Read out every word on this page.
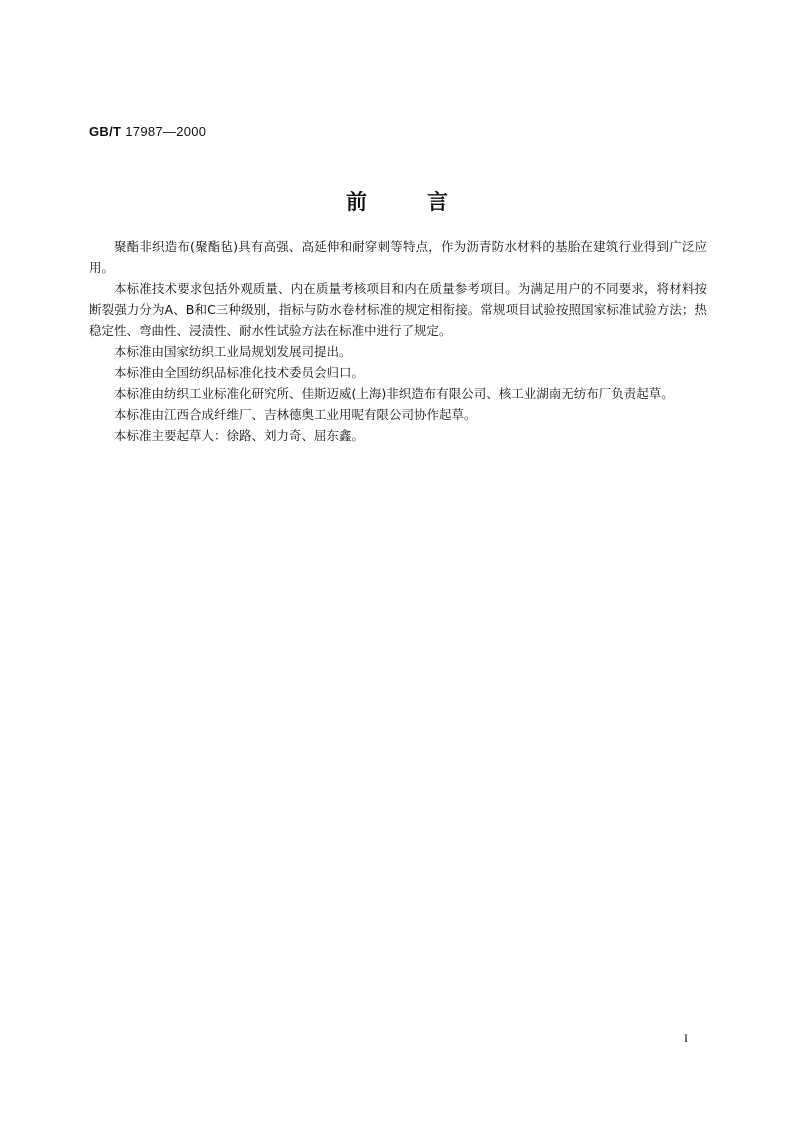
GB/T 17987—2000
前言

聚酯非织造布(聚酯毡)具有高强、高延伸和耐穿刺等特点，作为沥青防水材料的基胎在建筑行业得到广泛应用。

本标准技术要求包括外观质量、内在质量考核项目和内在质量参考项目。为满足用户的不同要求，将材料按断裂强力分为A、B和C三种级别，指标与防水卷材标准的规定相衔接。常规项目试验按照国家标准试验方法；热稳定性、弯曲性、浸渍性、耐水性试验方法在标准中进行了规定。

本标准由国家纺织工业局规划发展司提出。

本标准由全国纺织品标准化技术委员会归口。

本标准由纺织工业标准化研究所、佳斯迈威(上海)非织造布有限公司、核工业湖南无纺布厂负责起草。

本标准由江西合成纤维厂、吉林德奥工业用呢有限公司协作起草。

本标准主要起草人：徐路、刘力奇、屈东鑫。

I
